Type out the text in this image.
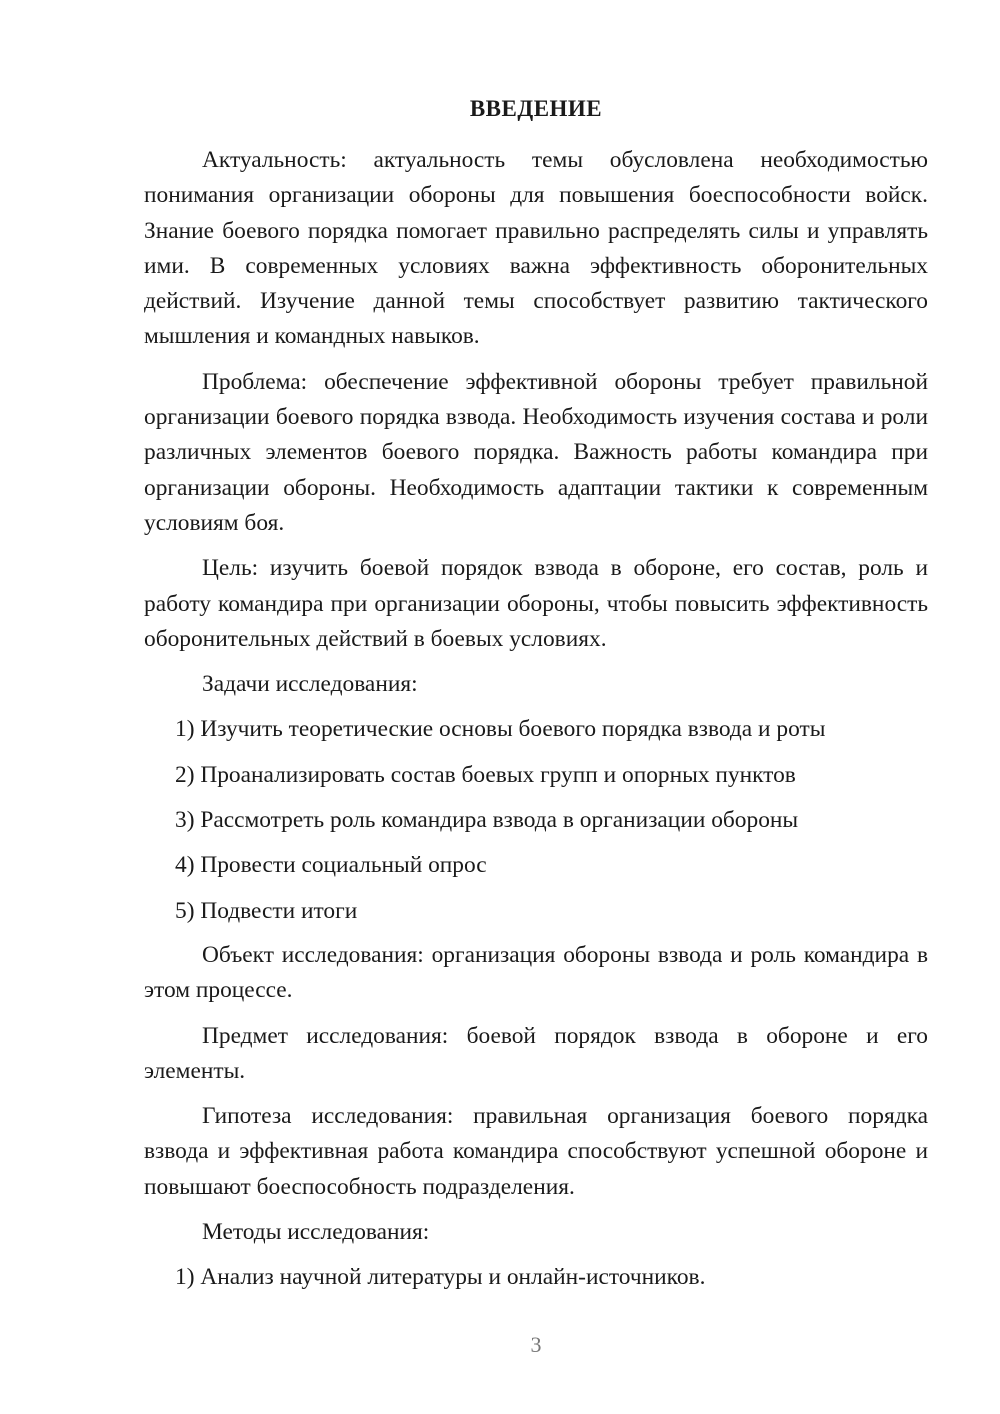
ВВЕДЕНИЕ

Актуальность: актуальность темы обусловлена необходимостью понимания организации обороны для повышения боеспособности войск. Знание боевого порядка помогает правильно распределять силы и управлять ими. В современных условиях важна эффективность оборонительных действий. Изучение данной темы способствует развитию тактического мышления и командных навыков.

Проблема: обеспечение эффективной обороны требует правильной организации боевого порядка взвода. Необходимость изучения состава и роли различных элементов боевого порядка. Важность работы командира при организации обороны. Необходимость адаптации тактики к современным условиям боя.

Цель: изучить боевой порядок взвода в обороне, его состав, роль и работу командира при организации обороны, чтобы повысить эффективность оборонительных действий в боевых условиях.

Задачи исследования:

1) Изучить теоретические основы боевого порядка взвода и роты

2) Проанализировать состав боевых групп и опорных пунктов

3) Рассмотреть роль командира взвода в организации обороны

4) Провести социальный опрос

5) Подвести итоги

Объект исследования: организация обороны взвода и роль командира в этом процессе.

Предмет исследования: боевой порядок взвода в обороне и его элементы.

Гипотеза исследования: правильная организация боевого порядка взвода и эффективная работа командира способствуют успешной обороне и повышают боеспособность подразделения.

Методы исследования:

1) Анализ научной литературы и онлайн-источников.

3
